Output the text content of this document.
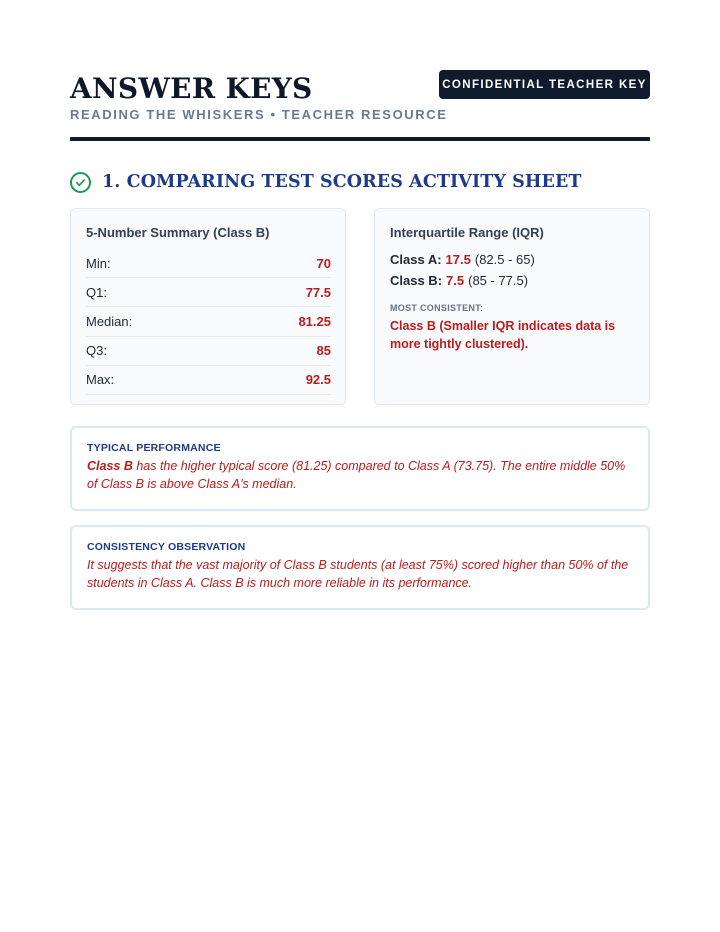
ANSWER KEYS
READING THE WHISKERS • TEACHER RESOURCE
CONFIDENTIAL TEACHER KEY
1. COMPARING TEST SCORES ACTIVITY SHEET
5-Number Summary (Class B)
Min:	70
Q1:	77.5
Median:	81.25
Q3:	85
Max:	92.5
Interquartile Range (IQR)
Class A: 17.5 (82.5 - 65)
Class B: 7.5 (85 - 77.5)
MOST CONSISTENT:
Class B (Smaller IQR indicates data is more tightly clustered).
TYPICAL PERFORMANCE
Class B has the higher typical score (81.25) compared to Class A (73.75). The entire middle 50% of Class B is above Class A's median.
CONSISTENCY OBSERVATION
It suggests that the vast majority of Class B students (at least 75%) scored higher than 50% of the students in Class A. Class B is much more reliable in its performance.
